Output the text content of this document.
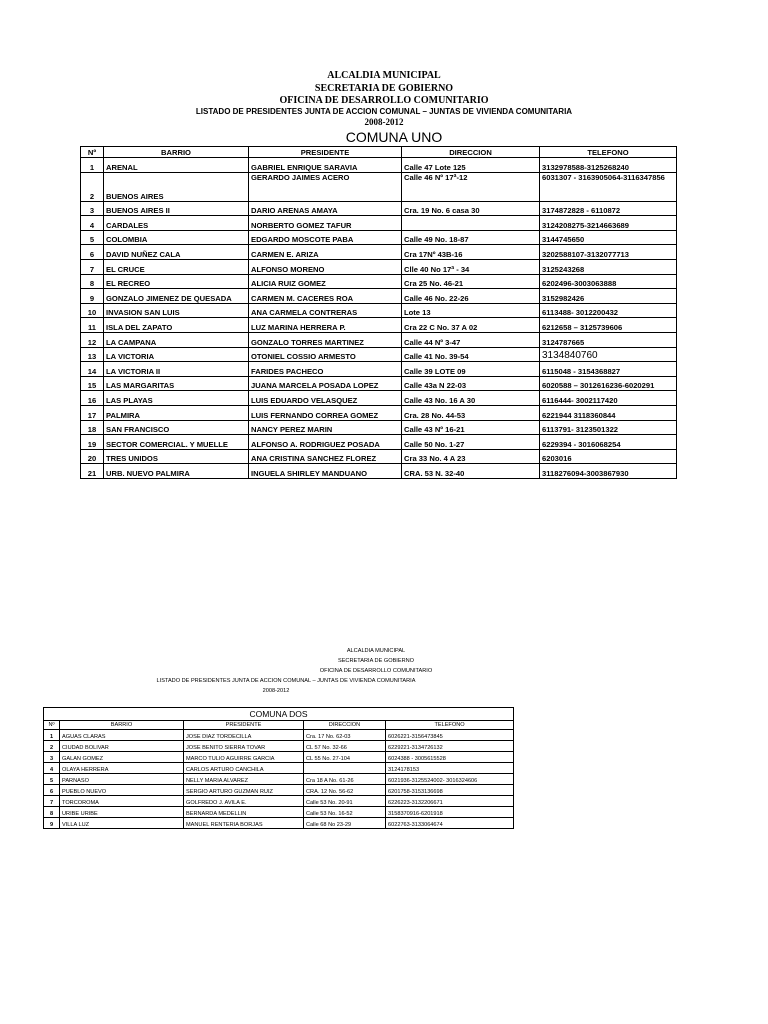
ALCALDIA MUNICIPAL
SECRETARIA DE GOBIERNO
OFICINA DE DESARROLLO COMUNITARIO
LISTADO DE PRESIDENTES JUNTA DE ACCION COMUNAL – JUNTAS DE VIVIENDA COMUNITARIA
2008-2012
COMUNA UNO
Nº	BARRIO	PRESIDENTE	DIRECCION	TELEFONO
1	ARENAL	GABRIEL ENRIQUE SARAVIA	Calle 47 Lote 125	3132978588-3125268240
2	BUENOS AIRES	GERARDO JAIMES ACERO	Calle 46 Nº 17ª-12	6031307 - 3163905064-3116347856
3	BUENOS AIRES II	DARIO ARENAS AMAYA	Cra. 19 No. 6 casa 30	3174872828 - 6110872
4	CARDALES	NORBERTO GOMEZ TAFUR		3124208275-3214663689
5	COLOMBIA	EDGARDO MOSCOTE PABA	Calle 49 No. 18-87	3144745650
6	DAVID NUÑEZ CALA	CARMEN E. ARIZA	Cra 17Nº 43B-16	3202588107-3132077713
7	EL CRUCE	ALFONSO MORENO	Clle 40 No 17ª - 34	3125243268
8	EL RECREO	ALICIA RUIZ GOMEZ	Cra 25 No. 46-21	6202496-3003063888
9	GONZALO JIMENEZ DE QUESADA	CARMEN M. CACERES ROA	Calle 46 No. 22-26	3152982426
10	INVASION SAN LUIS	ANA CARMELA CONTRERAS	Lote 13	6113488- 3012200432
11	ISLA DEL ZAPATO	LUZ MARINA HERRERA P.	Cra 22 C No. 37 A 02	6212658 – 3125739606
12	LA CAMPANA	GONZALO TORRES MARTINEZ	Calle 44 Nº 3-47	3124787665
13	LA VICTORIA	OTONIEL COSSIO ARMESTO	Calle 41 No. 39-54	3134840760
14	LA VICTORIA II	FARIDES PACHECO	Calle 39 LOTE 09	6115048 - 3154368827
15	LAS MARGARITAS	JUANA MARCELA POSADA LOPEZ	Calle 43a N 22-03	6020588 – 3012616236-6020291
16	LAS PLAYAS	LUIS EDUARDO VELASQUEZ	Calle 43 No. 16 A 30	6116444- 3002117420
17	PALMIRA	LUIS FERNANDO CORREA GOMEZ	Cra. 28 No. 44-53	6221944 3118360844
18	SAN FRANCISCO	NANCY PEREZ MARIN	Calle 43 Nº 16-21	6113791- 3123501322
19	SECTOR COMERCIAL. Y MUELLE	ALFONSO A. RODRIGUEZ POSADA	Calle 50 No. 1-27	6229394 - 3016068254
20	TRES UNIDOS	ANA CRISTINA SANCHEZ FLOREZ	Cra 33 No. 4 A 23	6203016
21	URB. NUEVO PALMIRA	INGUELA SHIRLEY MANDUANO	CRA. 53 N. 32-40	3118276094-3003867930
ALCALDIA MUNICIPAL
SECRETARIA DE GOBIERNO
OFICINA DE DESARROLLO COMUNITARIO
LISTADO DE PRESIDENTES JUNTA DE ACCION COMUNAL – JUNTAS DE VIVIENDA COMUNITARIA
2008-2012
COMUNA DOS				
Nº	BARRIO	PRESIDENTE	DIRECCION	TELEFONO
1	AGUAS CLARAS	JOSE DIAZ TORDECILLA	Cra. 17 No. 62-03	6026221-3156473845
2	CIUDAD BOLIVAR	JOSE BENITO SIERRA TOVAR	CL 57 No. 32-66	6229221-3134726132
3	GALAN GOMEZ	MARCO TULIO AGUIRRE GARCIA	CL 55 No. 27-104	6024388 - 3005615528
4	OLAYA HERRERA	CARLOS ARTURO CANCHILA		3124178153
5	PARNASO	NELLY MARIA ALVAREZ	Cra 18 A No. 61-26	6021936-3125524002- 3016324606
6	PUEBLO NUEVO	SERGIO ARTURO GUZMAN RUIZ	CRA. 12 No. 56-62	6201758-3153136698
7	TORCOROMA	GOLFREDO J. AVILA E.	Calle 53 No. 20-91	6226223-3132206671
8	URIBE URIBE	BERNARDA MEDELLIN	Calle 53 No. 16-52	3158370916-6201918
9	VILLA LUZ	MANUEL RENTERIA BORJAS	Calle 68 No 23-29	6022763-3133064674
